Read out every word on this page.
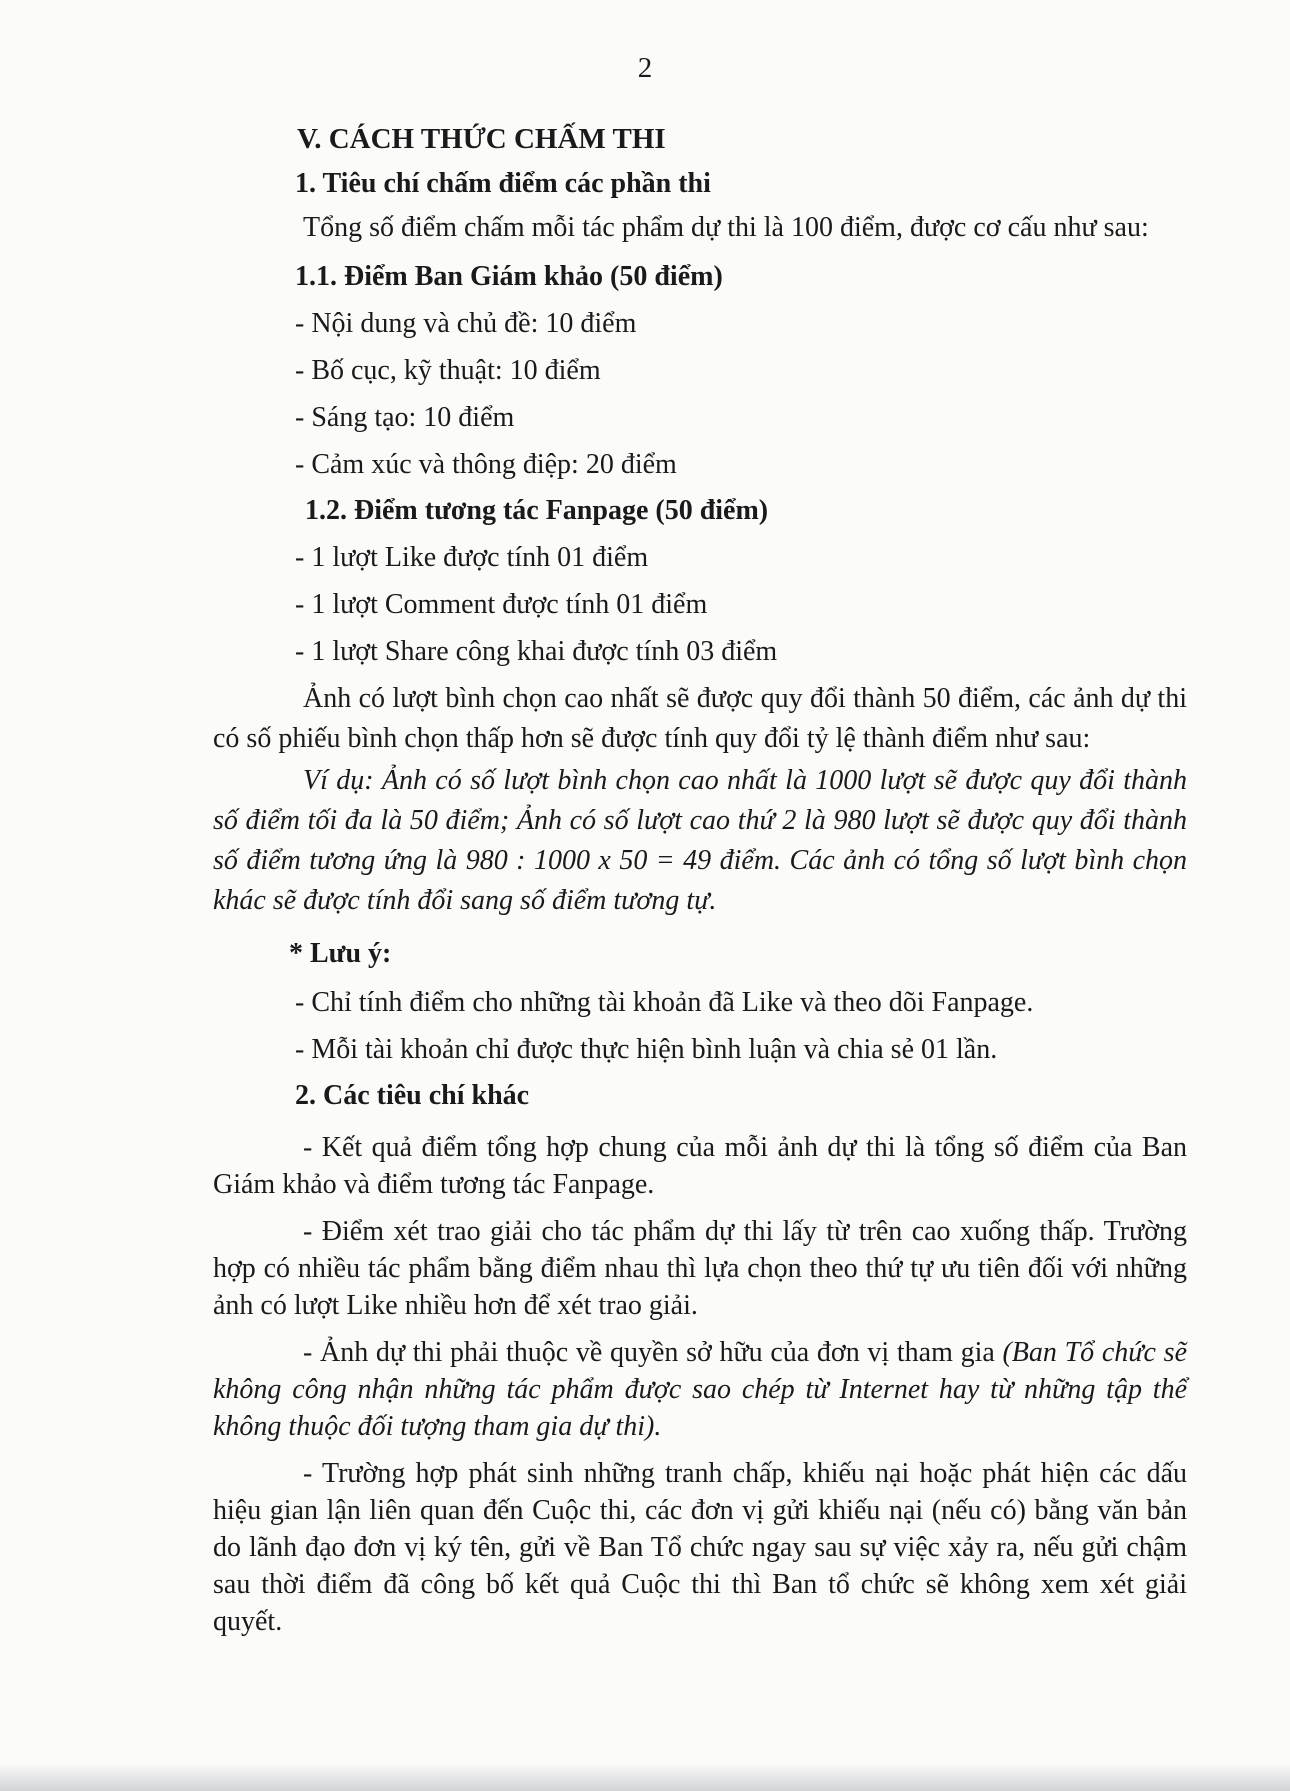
2
V. CÁCH THỨC CHẤM THI
1. Tiêu chí chấm điểm các phần thi
Tổng số điểm chấm mỗi tác phẩm dự thi là 100 điểm, được cơ cấu như sau:
1.1. Điểm Ban Giám khảo (50 điểm)
- Nội dung và chủ đề: 10 điểm
- Bố cục, kỹ thuật: 10 điểm
- Sáng tạo: 10 điểm
- Cảm xúc và thông điệp: 20 điểm
1.2. Điểm tương tác Fanpage (50 điểm)
- 1 lượt Like được tính 01 điểm
- 1 lượt Comment được tính 01 điểm
- 1 lượt Share công khai được tính 03 điểm
Ảnh có lượt bình chọn cao nhất sẽ được quy đổi thành 50 điểm, các ảnh dự thi có số phiếu bình chọn thấp hơn sẽ được tính quy đổi tỷ lệ thành điểm như sau:
Ví dụ: Ảnh có số lượt bình chọn cao nhất là 1000 lượt sẽ được quy đổi thành số điểm tối đa là 50 điểm; Ảnh có số lượt cao thứ 2 là 980 lượt sẽ được quy đổi thành số điểm tương ứng là 980 : 1000 x 50 = 49 điểm. Các ảnh có tổng số lượt bình chọn khác sẽ được tính đổi sang số điểm tương tự.
* Lưu ý:
- Chỉ tính điểm cho những tài khoản đã Like và theo dõi Fanpage.
- Mỗi tài khoản chỉ được thực hiện bình luận và chia sẻ 01 lần.
2. Các tiêu chí khác
- Kết quả điểm tổng hợp chung của mỗi ảnh dự thi là tổng số điểm của Ban Giám khảo và điểm tương tác Fanpage.
- Điểm xét trao giải cho tác phẩm dự thi lấy từ trên cao xuống thấp. Trường hợp có nhiều tác phẩm bằng điểm nhau thì lựa chọn theo thứ tự ưu tiên đối với những ảnh có lượt Like nhiều hơn để xét trao giải.
- Ảnh dự thi phải thuộc về quyền sở hữu của đơn vị tham gia (Ban Tổ chức sẽ không công nhận những tác phẩm được sao chép từ Internet hay từ những tập thể không thuộc đối tượng tham gia dự thi).
- Trường hợp phát sinh những tranh chấp, khiếu nại hoặc phát hiện các dấu hiệu gian lận liên quan đến Cuộc thi, các đơn vị gửi khiếu nại (nếu có) bằng văn bản do lãnh đạo đơn vị ký tên, gửi về Ban Tổ chức ngay sau sự việc xảy ra, nếu gửi chậm sau thời điểm đã công bố kết quả Cuộc thi thì Ban tổ chức sẽ không xem xét giải quyết.
